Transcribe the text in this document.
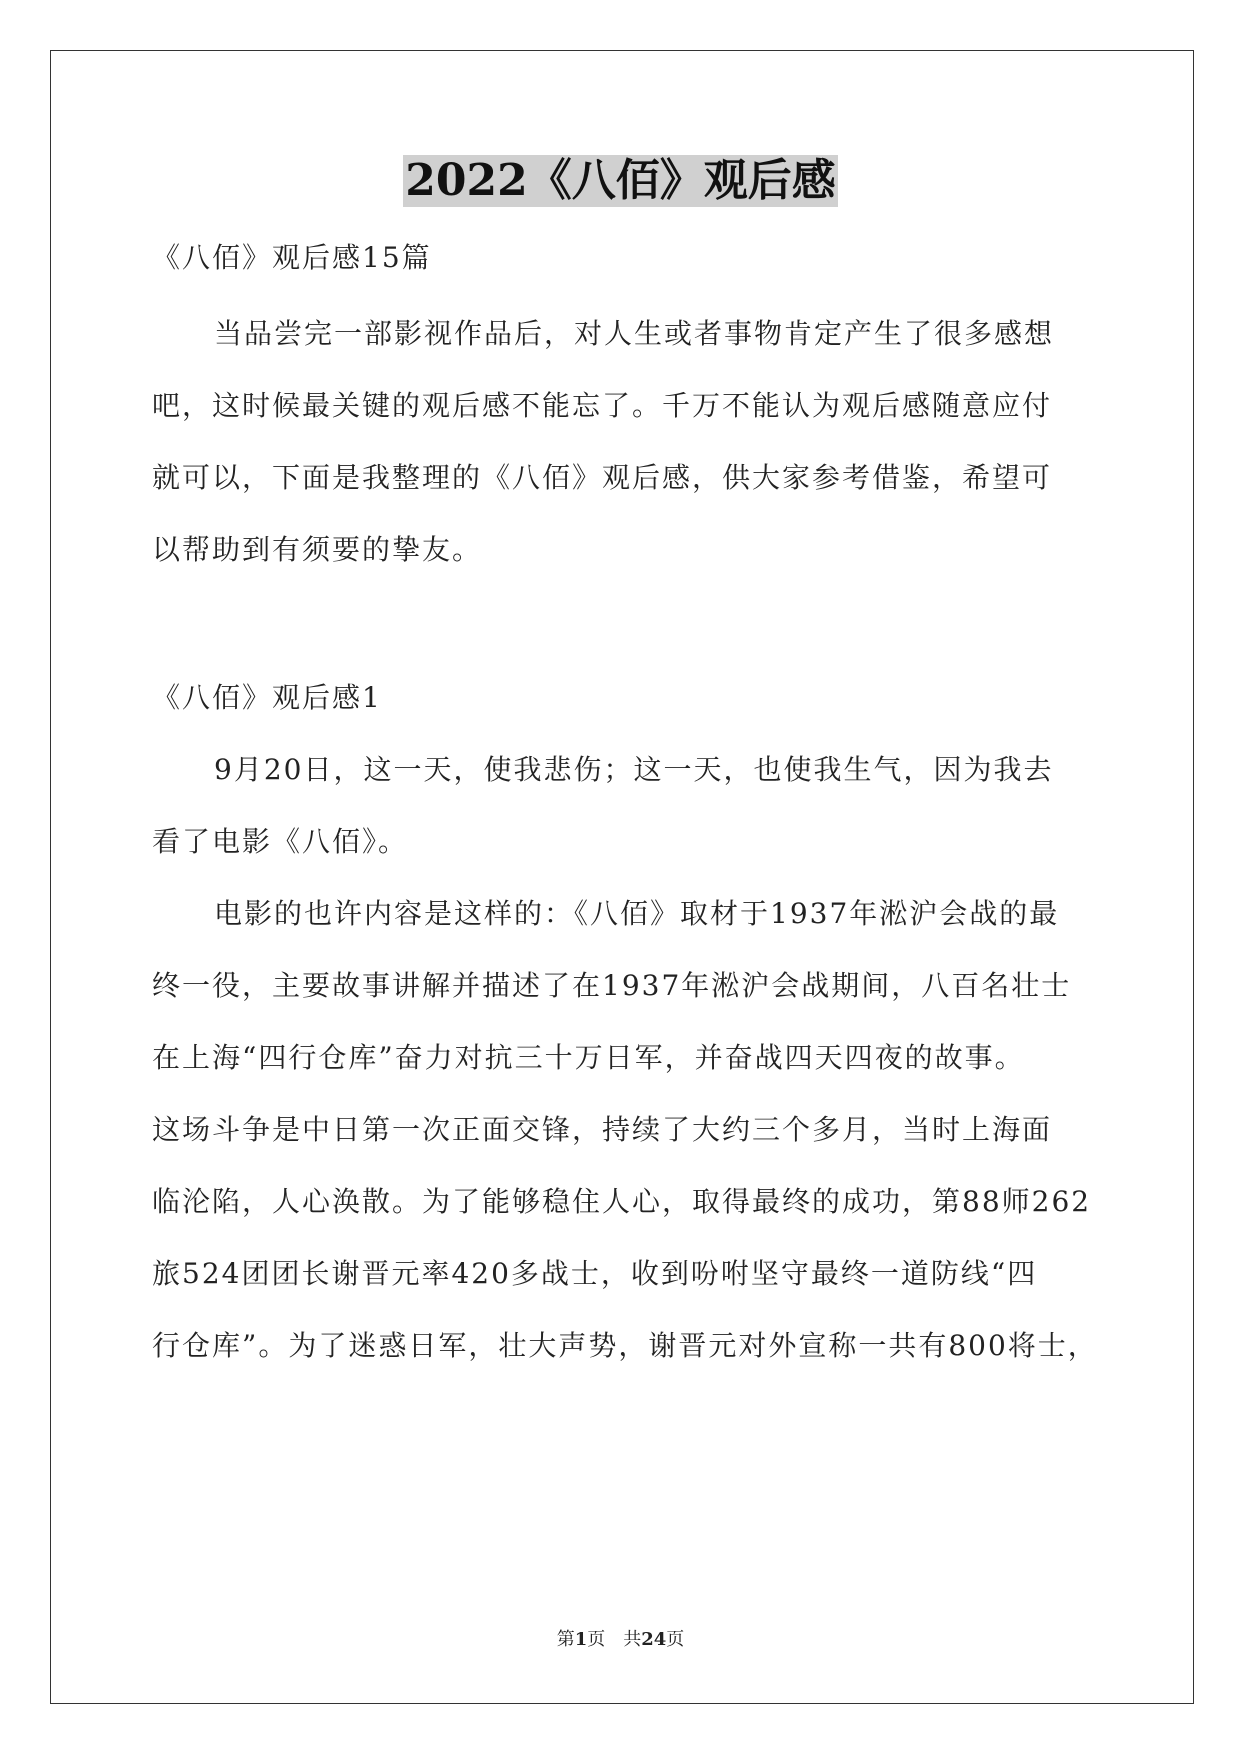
2022《八佰》观后感
《八佰》观后感15篇
当品尝完一部影视作品后，对人生或者事物肯定产生了很多感想
吧，这时候最关键的观后感不能忘了。千万不能认为观后感随意应付
就可以，下面是我整理的《八佰》观后感，供大家参考借鉴，希望可
以帮助到有须要的挚友。
《八佰》观后感1
9月20日，这一天，使我悲伤；这一天，也使我生气，因为我去
看了电影《八佰》。
电影的也许内容是这样的：《八佰》取材于1937年淞沪会战的最
终一役，主要故事讲解并描述了在1937年淞沪会战期间，八百名壮士
在上海“四行仓库”奋力对抗三十万日军，并奋战四天四夜的故事。
这场斗争是中日第一次正面交锋，持续了大约三个多月，当时上海面
临沦陷，人心涣散。为了能够稳住人心，取得最终的成功，第88师262
旅524团团长谢晋元率420多战士，收到吩咐坚守最终一道防线“四
行仓库”。为了迷惑日军，壮大声势，谢晋元对外宣称一共有800将士，
第1页　共24页
